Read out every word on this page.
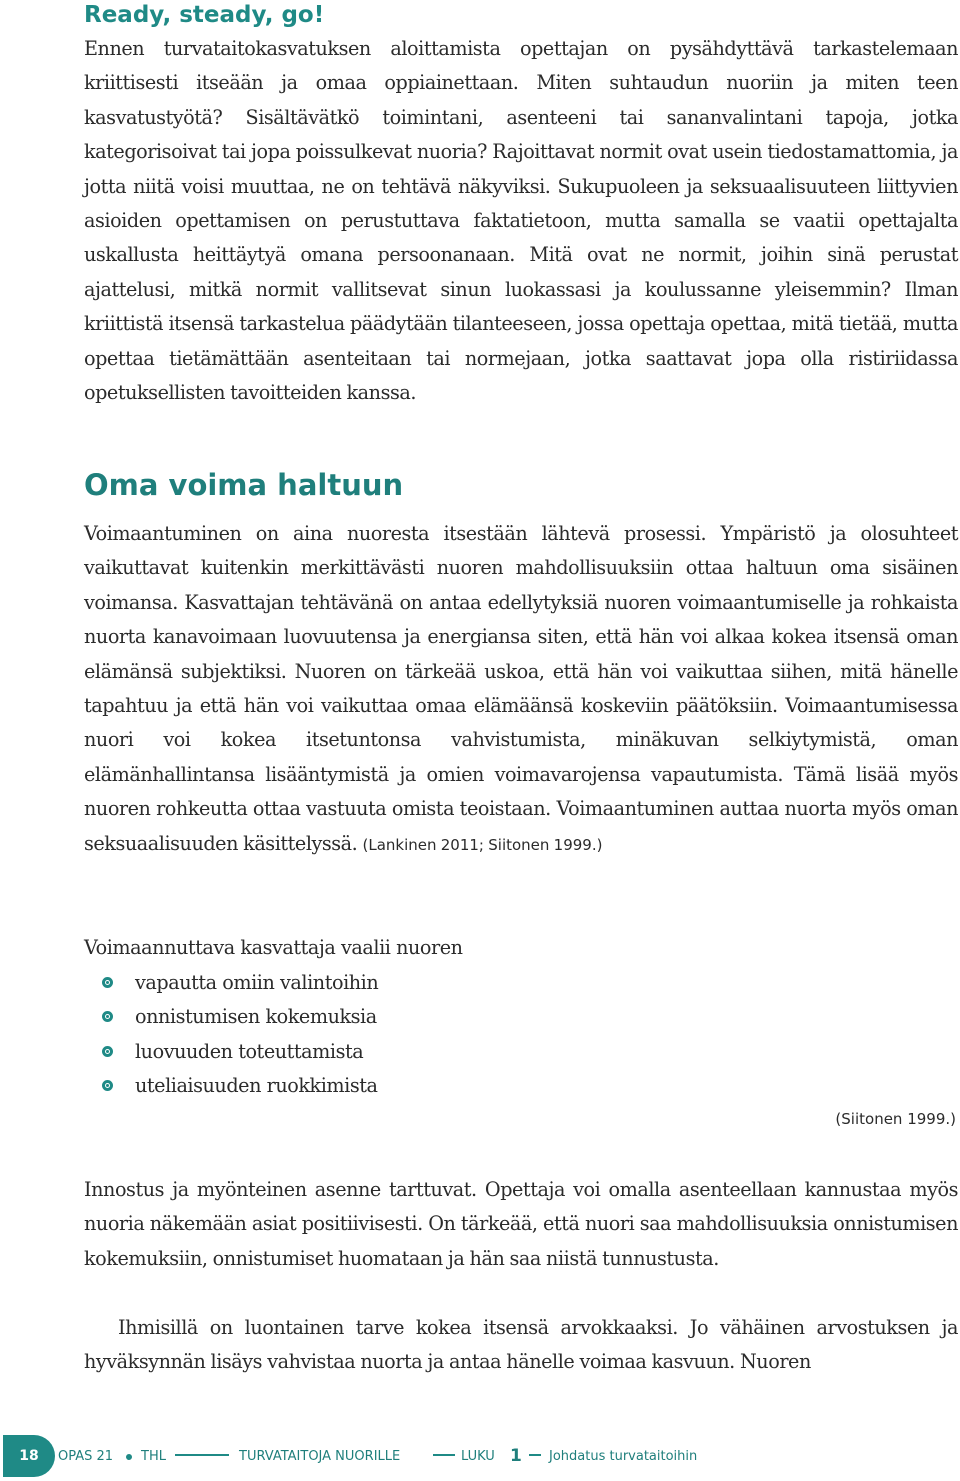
Ready, steady, go!

Ennen turvataitokasvatuksen aloittamista opettajan on pysähdyttävä tarkastelemaan kriittisesti itseään ja omaa oppiainettaan. Miten suhtaudun nuoriin ja miten teen kasvatustyötä? Sisältävätkö toimintani, asenteeni tai sananvalintani tapoja, jotka kategorisoivat tai jopa poissulkevat nuoria? Rajoittavat normit ovat usein tiedostamattomia, ja jotta niitä voisi muuttaa, ne on tehtävä näkyviksi. Sukupuoleen ja seksuaalisuuteen liittyvien asioiden opettamisen on perustuttava faktatietoon, mutta samalla se vaatii opettajalta uskallusta heittäytyä omana persoonanaan. Mitä ovat ne normit, joihin sinä perustat ajattelusi, mitkä normit vallitsevat sinun luokassasi ja koulussanne yleisemmin? Ilman kriittistä itsensä tarkastelua päädytään tilanteeseen, jossa opettaja opettaa, mitä tietää, mutta opettaa tietämättään asenteitaan tai normejaan, jotka saattavat jopa olla ristiriidassa opetuksellisten tavoitteiden kanssa.

Oma voima haltuun

Voimaantuminen on aina nuoresta itsestään lähtevä prosessi. Ympäristö ja olosuhteet vaikuttavat kuitenkin merkittävästi nuoren mahdollisuuksiin ottaa haltuun oma sisäinen voimansa. Kasvattajan tehtävänä on antaa edellytyksiä nuoren voimaantumiselle ja rohkaista nuorta kanavoimaan luovuutensa ja energiansa siten, että hän voi alkaa kokea itsensä oman elämänsä subjektiksi. Nuoren on tärkeää uskoa, että hän voi vaikuttaa siihen, mitä hänelle tapahtuu ja että hän voi vaikuttaa omaa elämäänsä koskeviin päätöksiin. Voimaantumisessa nuori voi kokea itsetuntonsa vahvistumista, minäkuvan selkiytymistä, oman elämänhallintansa lisääntymistä ja omien voimavarojensa vapautumista. Tämä lisää myös nuoren rohkeutta ottaa vastuuta omista teoistaan. Voimaantuminen auttaa nuorta myös oman seksuaalisuuden käsittelyssä. (Lankinen 2011; Siitonen 1999.)

Voimaannuttava kasvattaja vaalii nuoren

vapautta omiin valintoihin
onnistumisen kokemuksia
luovuuden toteuttamista
uteliaisuuden ruokkimista

(Siitonen 1999.)

Innostus ja myönteinen asenne tarttuvat. Opettaja voi omalla asenteellaan kannustaa myös nuoria näkemään asiat positiivisesti. On tärkeää, että nuori saa mahdollisuuksia onnistumisen kokemuksiin, onnistumiset huomataan ja hän saa niistä tunnustusta.

Ihmisillä on luontainen tarve kokea itsensä arvokkaaksi. Jo vähäinen arvostuksen ja hyväksynnän lisäys vahvistaa nuorta ja antaa hänelle voimaa kasvuun. Nuoren

18	OPAS 21 THL	TURVATAITOJA NUORILLE	LUKU 1 Johdatus turvataitoihin
